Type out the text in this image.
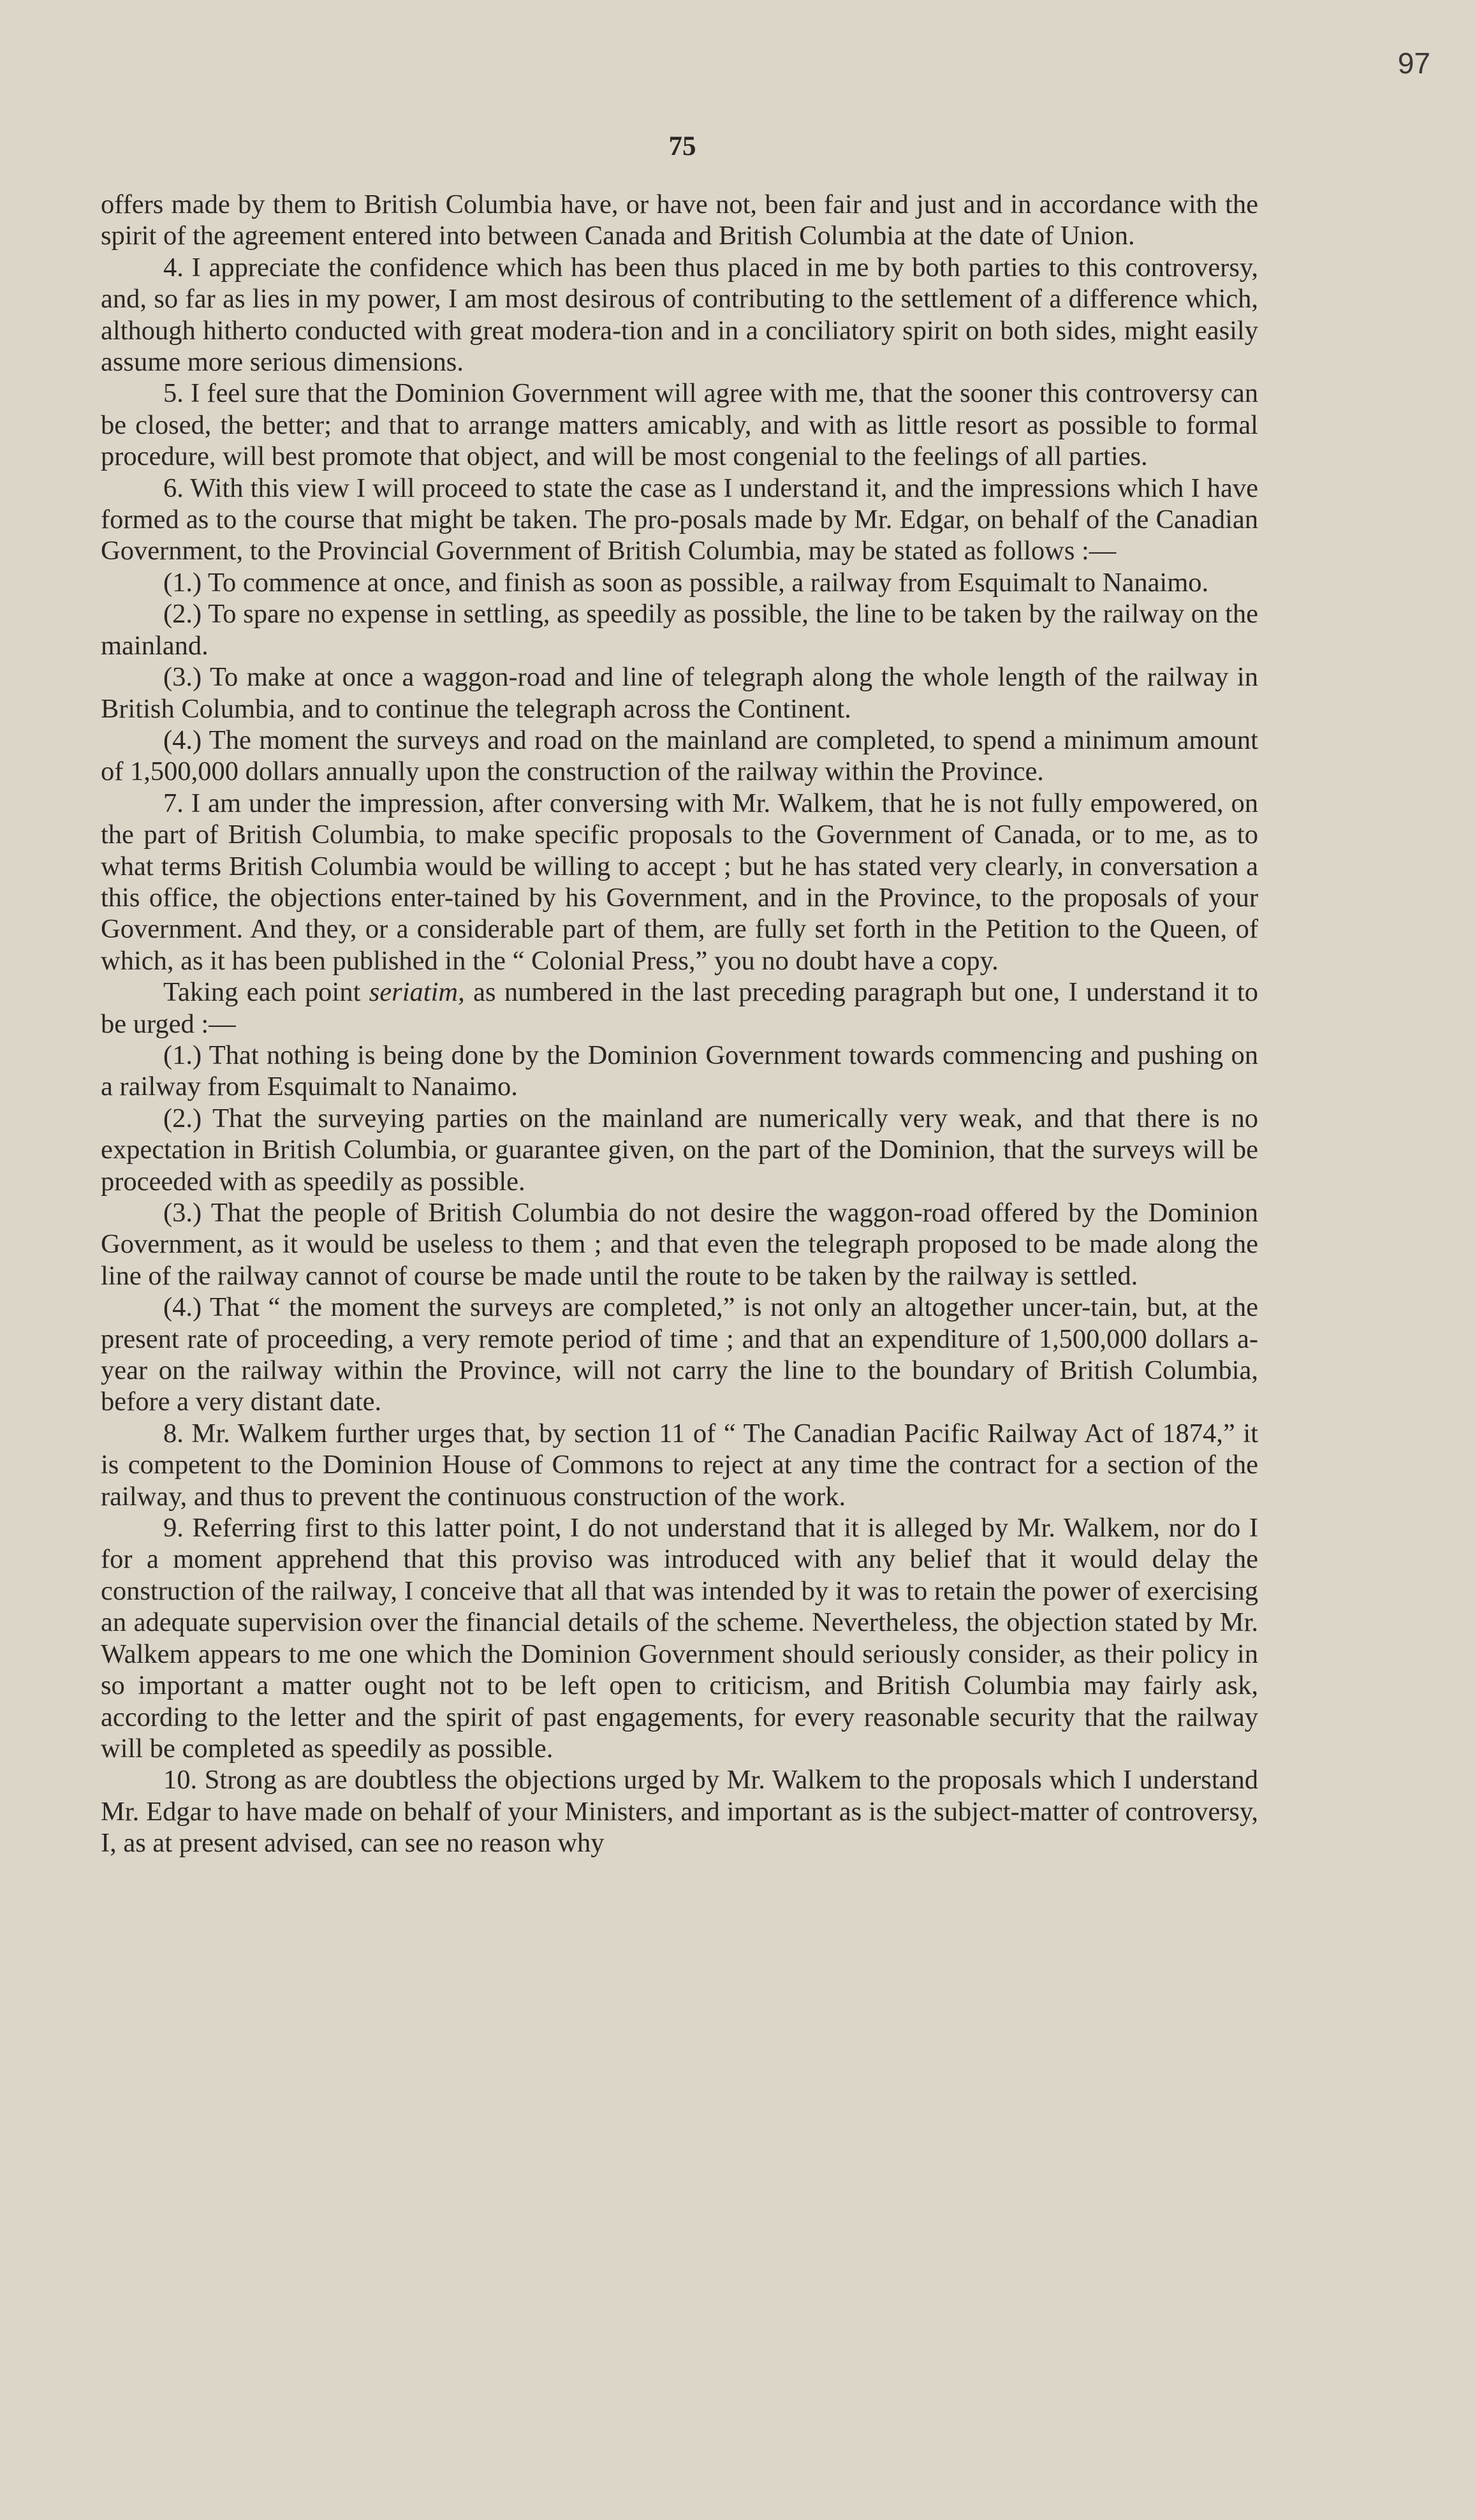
97
75

offers made by them to British Columbia have, or have not, been fair and just and in accordance with the spirit of the agreement entered into between Canada and British Columbia at the date of Union.

4. I appreciate the confidence which has been thus placed in me by both parties to this controversy, and, so far as lies in my power, I am most desirous of contributing to the settlement of a difference which, although hitherto conducted with great modera-tion and in a conciliatory spirit on both sides, might easily assume more serious dimensions.

5. I feel sure that the Dominion Government will agree with me, that the sooner this controversy can be closed, the better; and that to arrange matters amicably, and with as little resort as possible to formal procedure, will best promote that object, and will be most congenial to the feelings of all parties.

6. With this view I will proceed to state the case as I understand it, and the impressions which I have formed as to the course that might be taken. The pro-posals made by Mr. Edgar, on behalf of the Canadian Government, to the Provincial Government of British Columbia, may be stated as follows :—

(1.) To commence at once, and finish as soon as possible, a railway from Esquimalt to Nanaimo.

(2.) To spare no expense in settling, as speedily as possible, the line to be taken by the railway on the mainland.

(3.) To make at once a waggon-road and line of telegraph along the whole length of the railway in British Columbia, and to continue the telegraph across the Continent.

(4.) The moment the surveys and road on the mainland are completed, to spend a minimum amount of 1,500,000 dollars annually upon the construction of the railway within the Province.

7. I am under the impression, after conversing with Mr. Walkem, that he is not fully empowered, on the part of British Columbia, to make specific proposals to the Government of Canada, or to me, as to what terms British Columbia would be willing to accept ; but he has stated very clearly, in conversation a this office, the objections enter-tained by his Government, and in the Province, to the proposals of your Government. And they, or a considerable part of them, are fully set forth in the Petition to the Queen, of which, as it has been published in the “ Colonial Press,” you no doubt have a copy.

Taking each point seriatim, as numbered in the last preceding paragraph but one, I understand it to be urged :—

(1.) That nothing is being done by the Dominion Government towards commencing and pushing on a railway from Esquimalt to Nanaimo.

(2.) That the surveying parties on the mainland are numerically very weak, and that there is no expectation in British Columbia, or guarantee given, on the part of the Dominion, that the surveys will be proceeded with as speedily as possible.

(3.) That the people of British Columbia do not desire the waggon-road offered by the Dominion Government, as it would be useless to them ; and that even the telegraph proposed to be made along the line of the railway cannot of course be made until the route to be taken by the railway is settled.

(4.) That “ the moment the surveys are completed,” is not only an altogether uncer-tain, but, at the present rate of proceeding, a very remote period of time ; and that an expenditure of 1,500,000 dollars a-year on the railway within the Province, will not carry the line to the boundary of British Columbia, before a very distant date.

8. Mr. Walkem further urges that, by section 11 of “ The Canadian Pacific Railway Act of 1874,” it is competent to the Dominion House of Commons to reject at any time the contract for a section of the railway, and thus to prevent the continuous construction of the work.

9. Referring first to this latter point, I do not understand that it is alleged by Mr. Walkem, nor do I for a moment apprehend that this proviso was introduced with any belief that it would delay the construction of the railway, I conceive that all that was intended by it was to retain the power of exercising an adequate supervision over the financial details of the scheme. Nevertheless, the objection stated by Mr. Walkem appears to me one which the Dominion Government should seriously consider, as their policy in so important a matter ought not to be left open to criticism, and British Columbia may fairly ask, according to the letter and the spirit of past engagements, for every reasonable security that the railway will be completed as speedily as possible.

10. Strong as are doubtless the objections urged by Mr. Walkem to the proposals which I understand Mr. Edgar to have made on behalf of your Ministers, and important as is the subject-matter of controversy, I, as at present advised, can see no reason why
